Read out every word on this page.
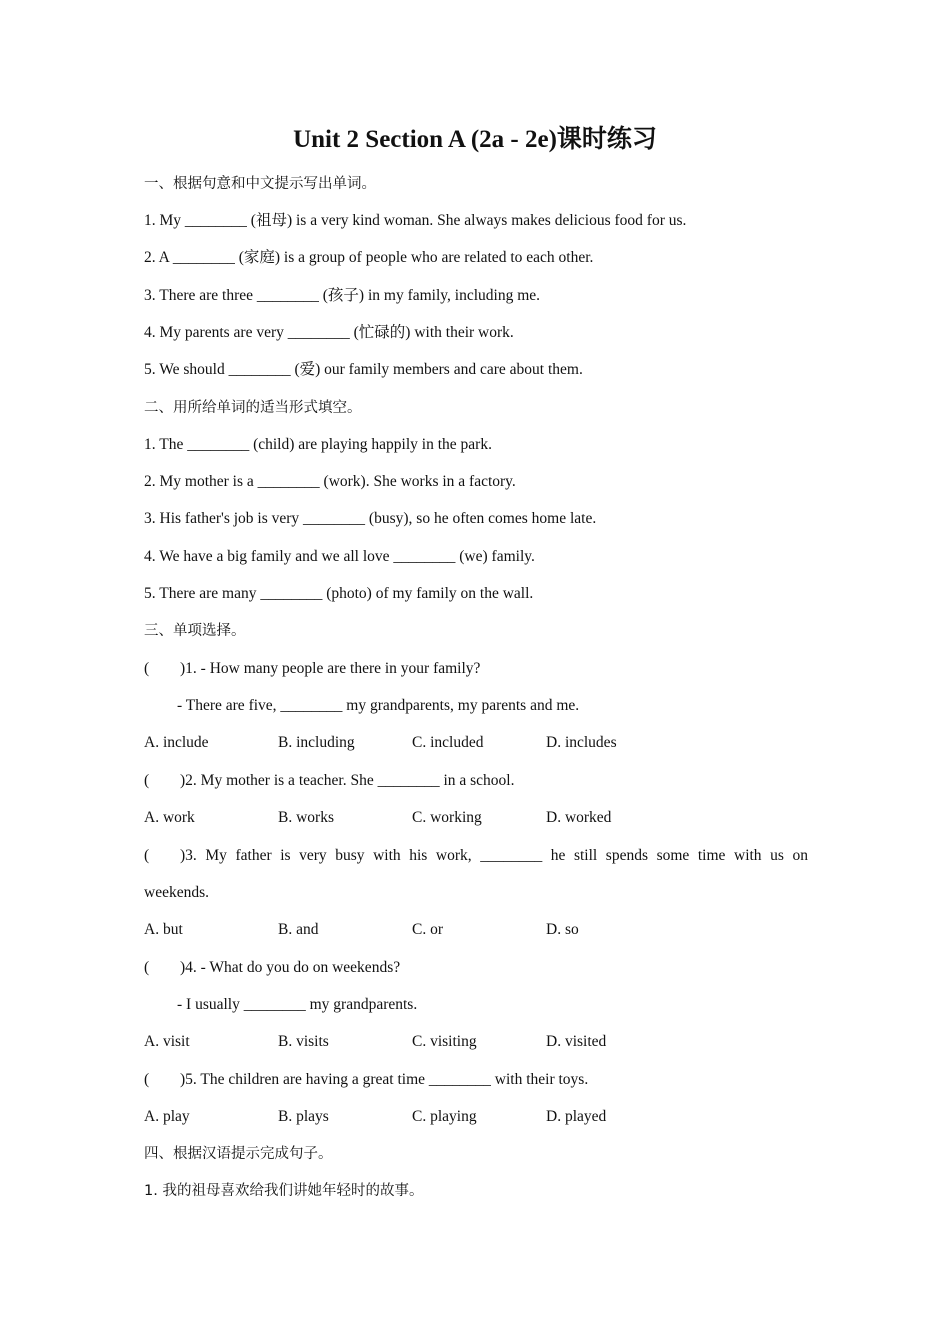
Unit 2 Section A (2a - 2e)课时练习
一、根据句意和中文提示写出单词。
1. My ________ (祖母) is a very kind woman. She always makes delicious food for us.
2. A ________ (家庭) is a group of people who are related to each other.
3. There are three ________ (孩子) in my family, including me.
4. My parents are very ________ (忙碌的) with their work.
5. We should ________ (爱) our family members and care about them.
二、用所给单词的适当形式填空。
1. The ________ (child) are playing happily in the park.
2. My mother is a ________ (work). She works in a factory.
3. His father's job is very ________ (busy), so he often comes home late.
4. We have a big family and we all love ________ (we) family.
5. There are many ________ (photo) of my family on the wall.
三、单项选择。
( )1. - How many people are there in your family?
- There are five, ________ my grandparents, my parents and me.
A. include	B. including	C. included	D. includes
( )2. My mother is a teacher. She ________ in a school.
A. work	B. works	C. working	D. worked
( )3. My father is very busy with his work, ________ he still spends some time with us on
weekends.
A. but	B. and	C. or	D. so
( )4. - What do you do on weekends?
- I usually ________ my grandparents.
A. visit	B. visits	C. visiting	D. visited
( )5. The children are having a great time ________ with their toys.
A. play	B. plays	C. playing	D. played
四、根据汉语提示完成句子。
1. 我的祖母喜欢给我们讲她年轻时的故事。
